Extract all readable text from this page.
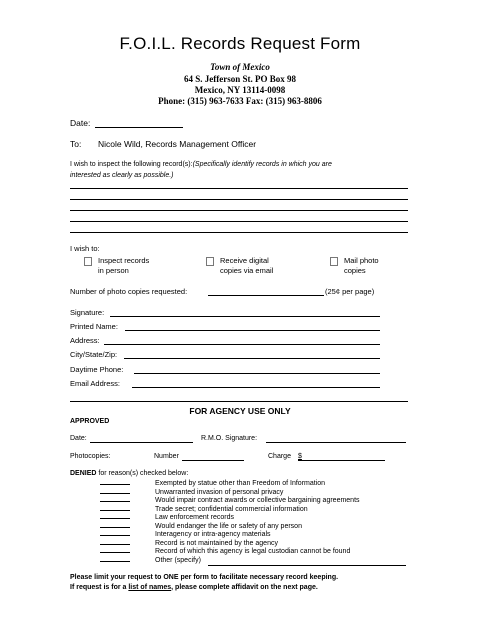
F.O.I.L. Records Request Form
Town of Mexico
64 S. Jefferson St. PO Box 98
Mexico, NY 13114-0098
Phone: (315) 963-7633 Fax: (315) 963-8806
Date:
To: Nicole Wild, Records Management Officer
I wish to inspect the following record(s):(Specifically identify records in which you are
interested as clearly as possible.)
I wish to:
Inspect records
in person
Receive digital
copies via email
Mail photo
copies
Number of photo copies requested:	(25¢ per page)
Signature:
Printed Name:
Address:
City/State/Zip:
Daytime Phone:
Email Address:
FOR AGENCY USE ONLY
APPROVED
Date:	R.M.O. Signature:
Photocopies:	Number	Charge $
DENIED for reason(s) checked below:
Exempted by statue other than Freedom of Information
Unwarranted invasion of personal privacy
Would impair contract awards or collective bargaining agreements
Trade secret; confidential commercial information
Law enforcement records
Would endanger the life or safety of any person
Interagency or intra-agency materials
Record is not maintained by the agency
Record of which this agency is legal custodian cannot be found
Other (specify)
Please limit your request to ONE per form to facilitate necessary record keeping.
If request is for a list of names, please complete affidavit on the next page.
